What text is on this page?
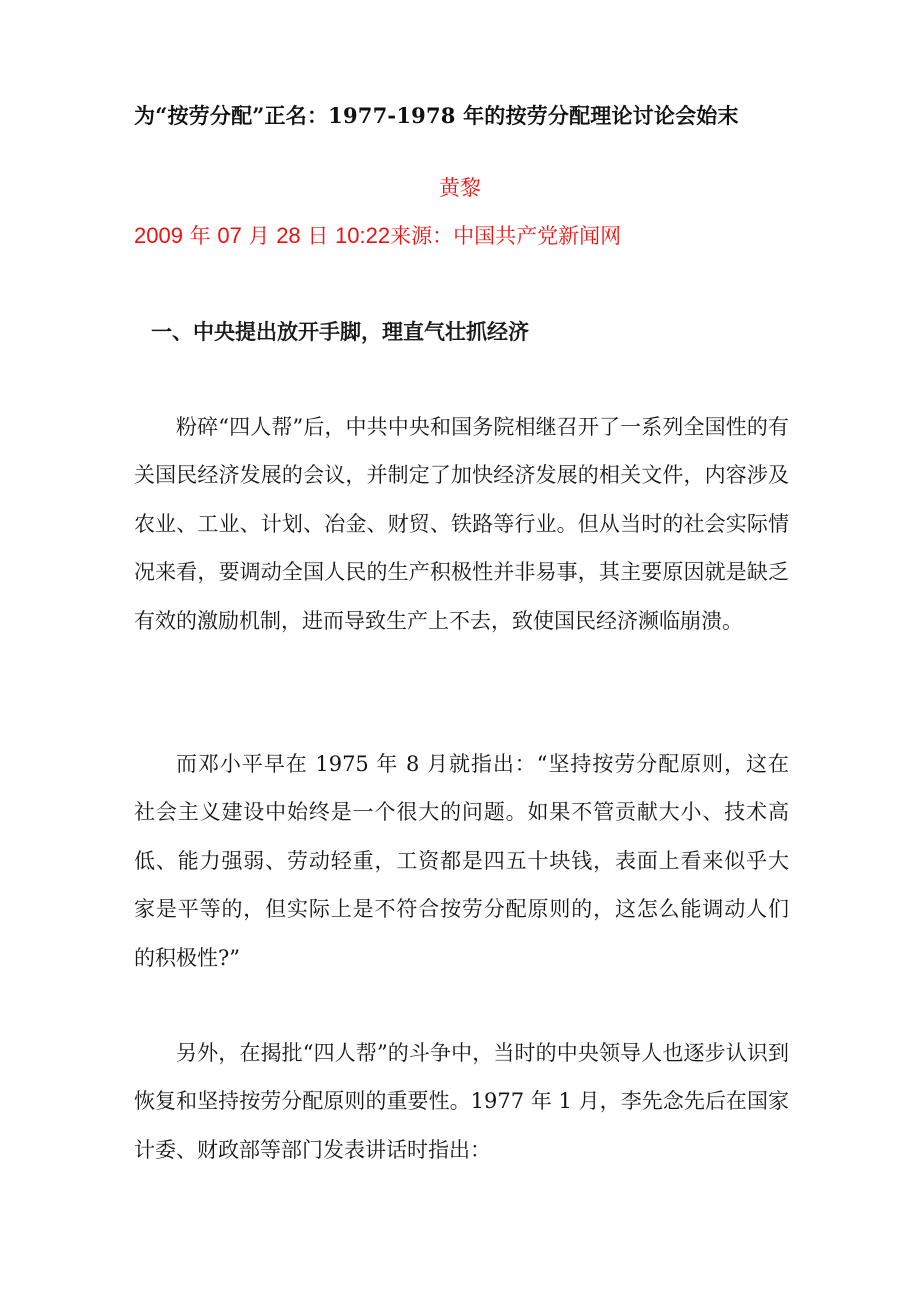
为“按劳分配”正名：1977-1978 年的按劳分配理论讨论会始末
黄黎
2009 年 07 月 28 日 10:22来源：中国共产党新闻网
一、中央提出放开手脚，理直气壮抓经济

粉碎“四人帮”后，中共中央和国务院相继召开了一系列全国性的有关国民经济发展的会议，并制定了加快经济发展的相关文件，内容涉及农业、工业、计划、冶金、财贸、铁路等行业。但从当时的社会实际情况来看，要调动全国人民的生产积极性并非易事，其主要原因就是缺乏有效的激励机制，进而导致生产上不去，致使国民经济濒临崩溃。

而邓小平早在 1975 年 8 月就指出：“坚持按劳分配原则，这在 社会主义建设中始终是一个很大的问题。如果不管贡献大小、技术高 低、能力强弱、劳动轻重，工资都是四五十块钱，表面上看来似乎大 家是平等的，但实际上是不符合按劳分配原则的，这怎么能调动人们 的积极性?”

另外，在揭批“四人帮”的斗争中，当时的中央领导人也逐步认识到恢复和坚持按劳分配原则的重要性。1977 年 1 月，李先念先后在国家计委、财政部等部门发表讲话时指出：
